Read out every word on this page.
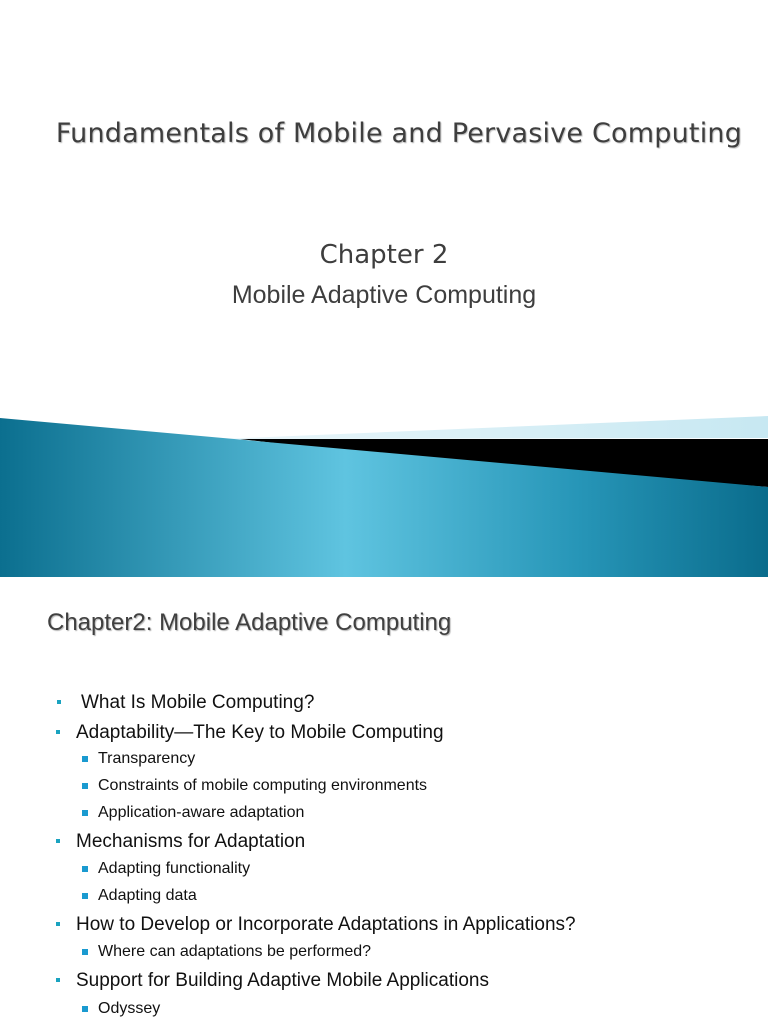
Fundamentals of Mobile and Pervasive Computing
Chapter 2
Mobile Adaptive Computing
Chapter2: Mobile Adaptive Computing
What Is Mobile Computing?
Adaptability—The Key to Mobile Computing
Transparency
Constraints of mobile computing environments
Application-aware adaptation
Mechanisms for Adaptation
Adapting functionality
Adapting data
How to Develop or Incorporate Adaptations in Applications?
Where can adaptations be performed?
Support for Building Adaptive Mobile Applications
Odyssey
